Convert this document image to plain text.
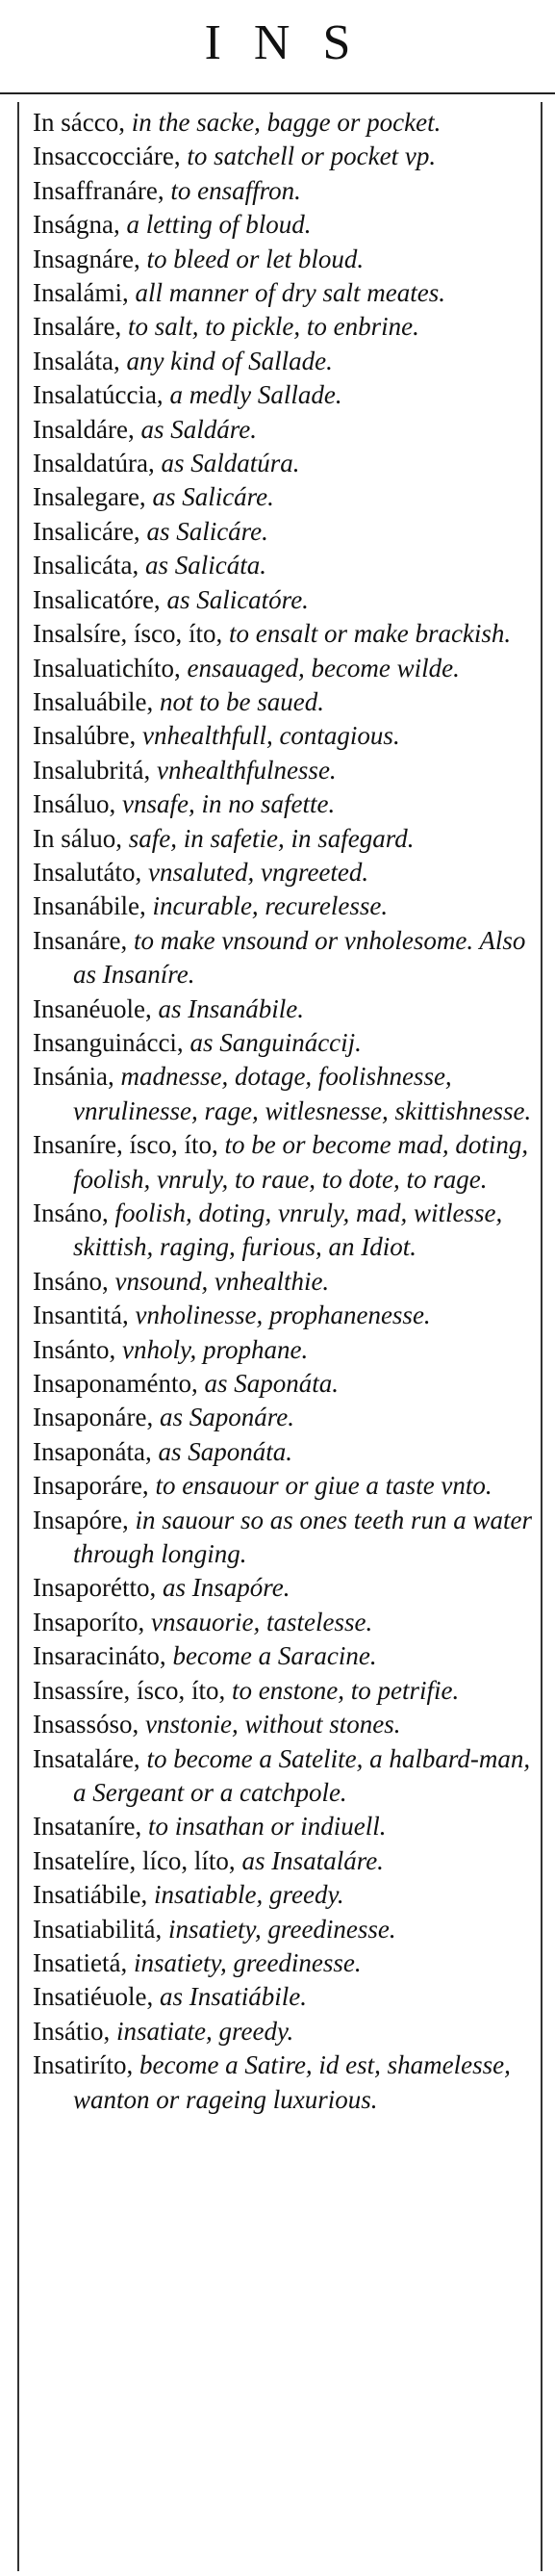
INS
In sácco, in the sacke, bagge or pocket.
Insaccocciáre, to satchell or pocket vp.
Insaffranáre, to ensaffron.
Inságna, a letting of bloud.
Insagnáre, to bleed or let bloud.
Insalámi, all manner of dry salt meates.
Insaláre, to salt, to pickle, to enbrine.
Insaláta, any kind of Sallade.
Insalatúccia, a medly Sallade.
Insaldáre, as Saldáre.
Insaldatúra, as Saldatúra.
Insalegare, as Salicáre.
Insalicáre, as Salicáre.
Insalicáta, as Salicáta.
Insalicatóre, as Salicatóre.
Insalsíre, ísco, íto, to ensalt or make brackish.
Insaluatichíto, ensauaged, become wilde.
Insaluábile, not to be saued.
Insalúbre, vnhealthfull, contagious.
Insalubritá, vnhealthfulnesse.
Insáluo, vnsafe, in no safette.
In sáluo, safe, in safetie, in safegard.
Insalutáto, vnsaluted, vngreeted.
Insanábile, incurable, recurelesse.
Insanáre, to make vnsound or vnholesome. Also as Insaníre.
Insanéuole, as Insanábile.
Insanguinácci, as Sanguináccij.
Insánia, madnesse, dotage, foolishnesse, vnrulinesse, rage, witlesnesse, skittishnesse.
Insaníre, ísco, íto, to be or become mad, doting, foolish, vnruly, to raue, to dote, to rage.
Insáno, foolish, doting, vnruly, mad, witlesse, skittish, raging, furious, an Idiot.
Insáno, vnsound, vnhealthie.
Insantitá, vnholinesse, prophanenesse.
Insánto, vnholy, prophane.
Insaponaménto, as Saponáta.
Insaponáre, as Saponáre.
Insaponáta, as Saponáta.
Insaporáre, to ensauour or giue a taste vnto.
Insapóre, in sauour so as ones teeth run a water through longing.
Insaporétto, as Insapóre.
Insaporíto, vnsauorie, tastelesse.
Insaracináto, become a Saracine.
Insassíre, ísco, íto, to enstone, to petrifie.
Insassóso, vnstonie, without stones.
Insataláre, to become a Satelite, a halbard-man, a Sergeant or a catchpole.
Insataníre, to insathan or indiuell.
Insatelíre, líco, líto, as Insataláre.
Insatiábile, insatiable, greedy.
Insatiabilitá, insatiety, greedinesse.
Insatietá, insatiety, greedinesse.
Insatiéuole, as Insatiábile.
Insátio, insatiate, greedy.
Insatiríto, become a Satire, id est, shamelesse, wanton or rageing luxurious.
